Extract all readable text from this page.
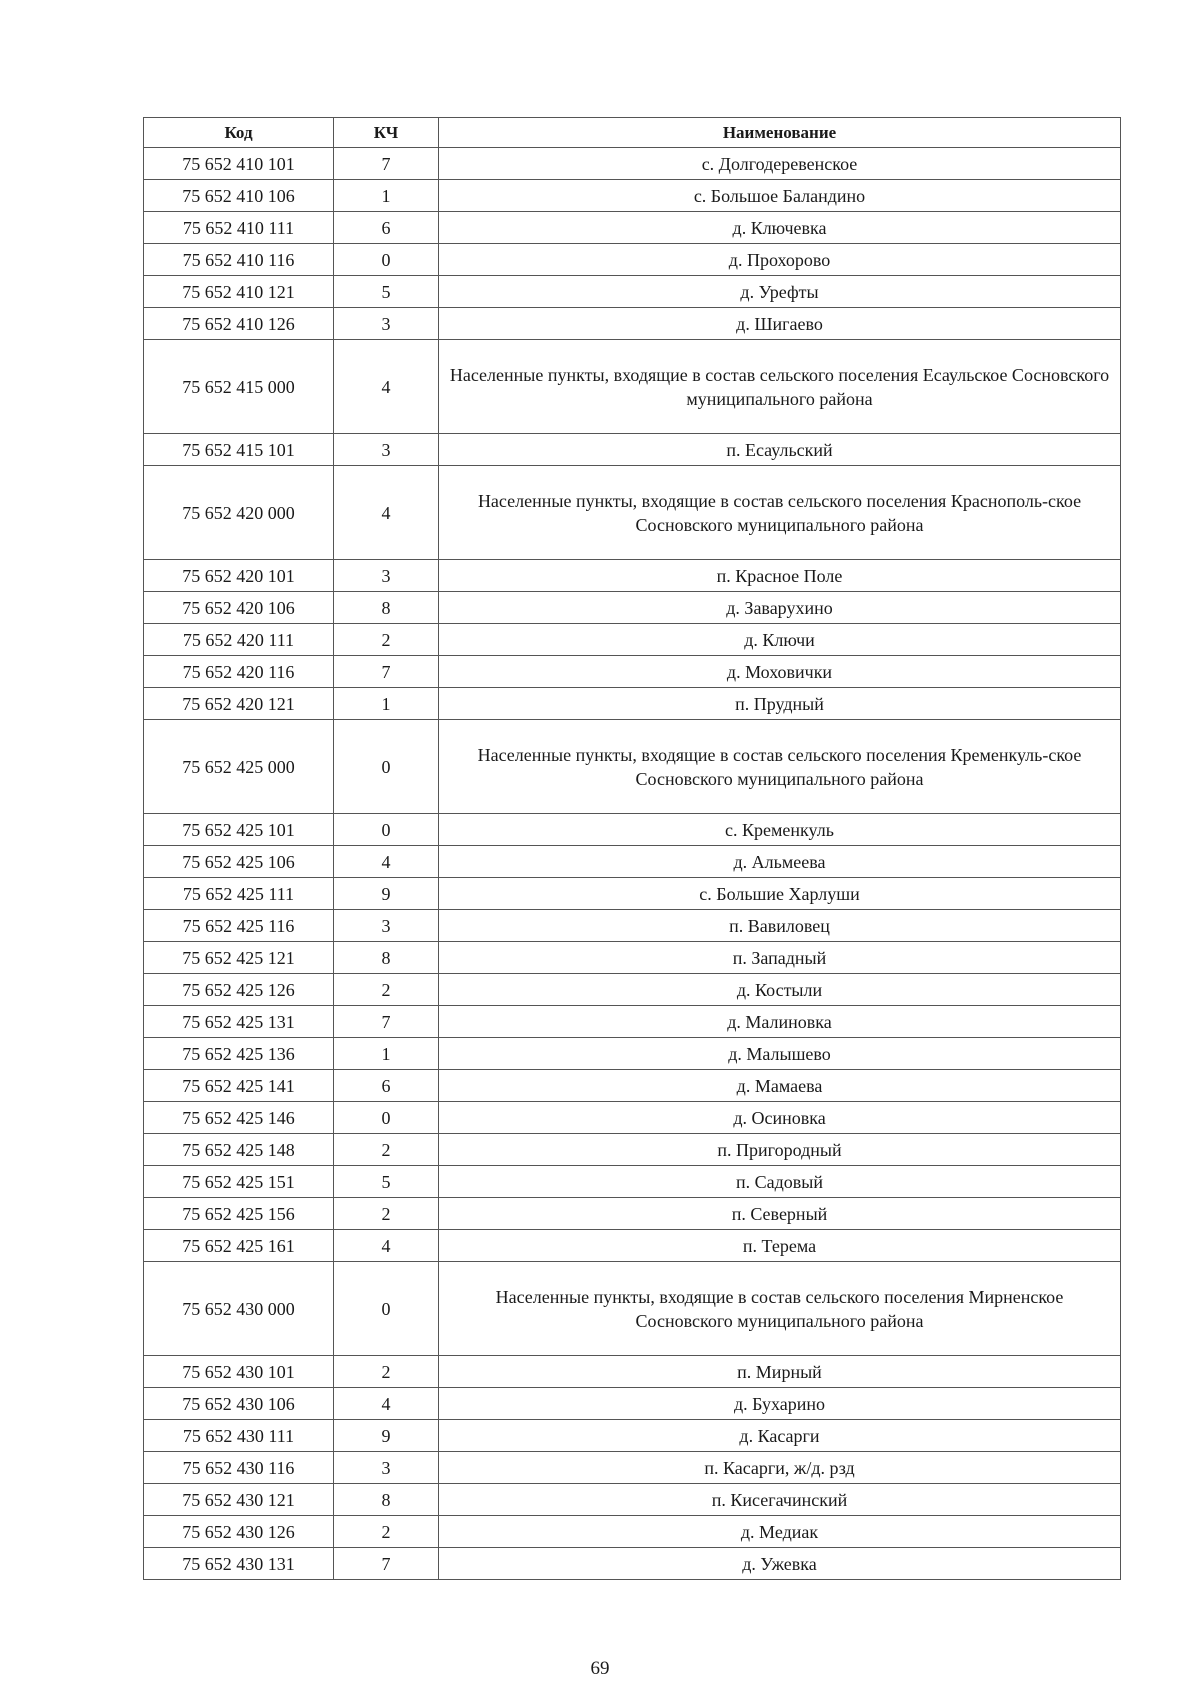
Код	КЧ	Наименование
75 652 410 101	7	с. Долгодеревенское
75 652 410 106	1	с. Большое Баландино
75 652 410 111	6	д. Ключевка
75 652 410 116	0	д. Прохорово
75 652 410 121	5	д. Урефты
75 652 410 126	3	д. Шигаево
75 652 415 000	4	Населенные пункты, входящие в состав сельского поселения Есаульское Сосновского муниципального района
75 652 415 101	3	п. Есаульский
75 652 420 000	4	Населенные пункты, входящие в состав сельского поселения Краснополь-ское Сосновского муниципального района
75 652 420 101	3	п. Красное Поле
75 652 420 106	8	д. Заварухино
75 652 420 111	2	д. Ключи
75 652 420 116	7	д. Моховички
75 652 420 121	1	п. Прудный
75 652 425 000	0	Населенные пункты, входящие в состав сельского поселения Кременкуль-ское Сосновского муниципального района
75 652 425 101	0	с. Кременкуль
75 652 425 106	4	д. Альмеева
75 652 425 111	9	с. Большие Харлуши
75 652 425 116	3	п. Вавиловец
75 652 425 121	8	п. Западный
75 652 425 126	2	д. Костыли
75 652 425 131	7	д. Малиновка
75 652 425 136	1	д. Малышево
75 652 425 141	6	д. Мамаева
75 652 425 146	0	д. Осиновка
75 652 425 148	2	п. Пригородный
75 652 425 151	5	п. Садовый
75 652 425 156	2	п. Северный
75 652 425 161	4	п. Терема
75 652 430 000	0	Населенные пункты, входящие в состав сельского поселения Мирненское Сосновского муниципального района
75 652 430 101	2	п. Мирный
75 652 430 106	4	д. Бухарино
75 652 430 111	9	д. Касарги
75 652 430 116	3	п. Касарги, ж/д. рзд
75 652 430 121	8	п. Кисегачинский
75 652 430 126	2	д. Медиак
75 652 430 131	7	д. Ужевка
69
